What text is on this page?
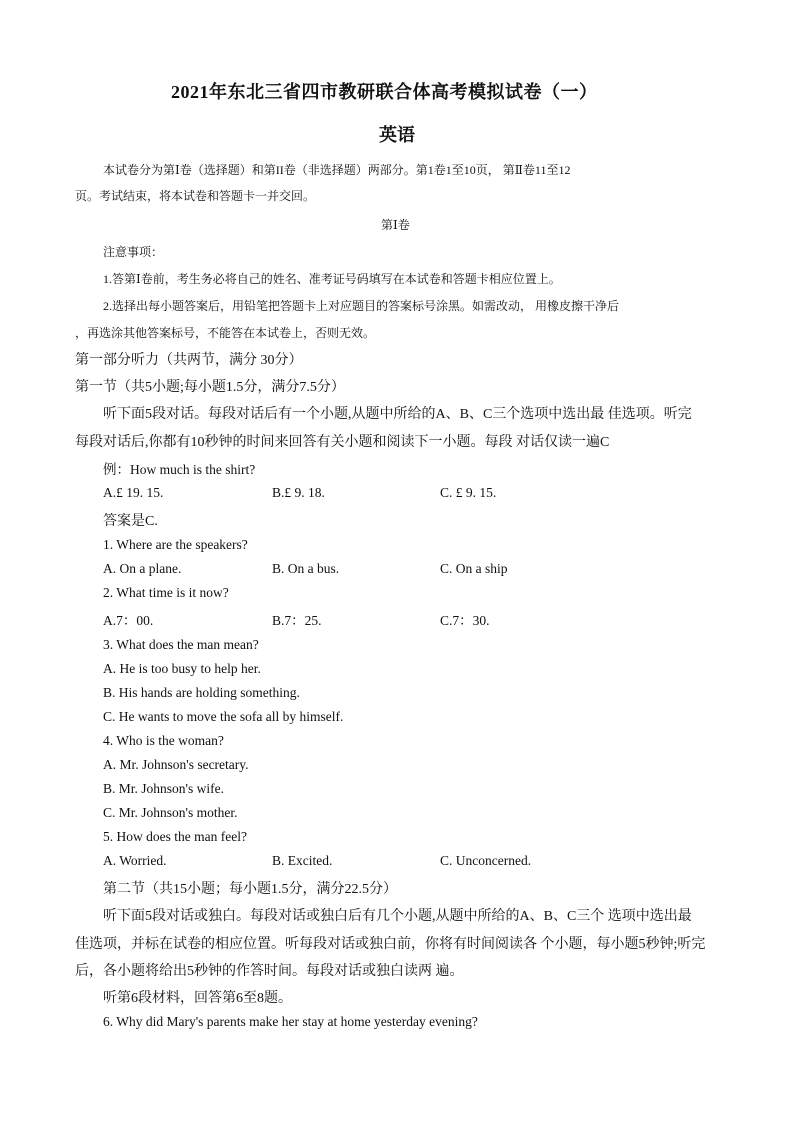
2021年东北三省四市教研联合体高考模拟试卷（一）
英语
本试卷分为第Ⅰ卷（选择题）和第II卷（非选择题）两部分。第1卷1至10页， 第Ⅱ卷11至12
页。考试结束，将本试卷和答题卡一并交回。
第Ⅰ卷
注意事项：
1.答第Ⅰ卷前，考生务必将自己的姓名、准考证号码填写在本试卷和答题卡相应位置上。
2.选择出每小题答案后，用铅笔把答题卡上对应题目的答案标号涂黑。如需改动， 用橡皮擦干净后
，再选涂其他答案标号，不能答在本试卷上，否则无效。
第一部分听力（共两节，满分 30分）
第一节（共5小题;每小题1.5分，满分7.5分）
听下面5段对话。每段对话后有一个小题,从题中所给的A、B、C三个选项中选出最 佳选项。听完
每段对话后,你都有10秒钟的时间来回答有关小题和阅读下一小题。每段 对话仅读一遍C
例：How much is the shirt?
A.£ 19. 15.	B.£ 9. 18.	C. £ 9. 15.
答案是C.
1. Where are the speakers?
A. On a plane.	B. On a bus.	C. On a ship
2. What time is it now?
A.7：00.	B.7：25.	C.7：30.
3. What does the man mean?
A. He is too busy to help her.
B. His hands are holding something.
C. He wants to move the sofa all by himself.
4. Who is the woman?
A. Mr. Johnson's secretary.
B. Mr. Johnson's wife.
C. Mr. Johnson's mother.
5. How does the man feel?
A. Worried.	B. Excited.	C. Unconcerned.
第二节（共15小题；每小题1.5分，满分22.5分）
听下面5段对话或独白。每段对话或独白后有几个小题,从题中所给的A、B、C三个 选项中选出最
佳选项，并标在试卷的相应位置。听每段对话或独白前，你将有时间阅读各 个小题，每小题5秒钟;听完
后，各小题将给出5秒钟的作答时间。每段对话或独白读两 遍。
听第6段材料，回答第6至8题。
6. Why did Mary's parents make her stay at home yesterday evening?
